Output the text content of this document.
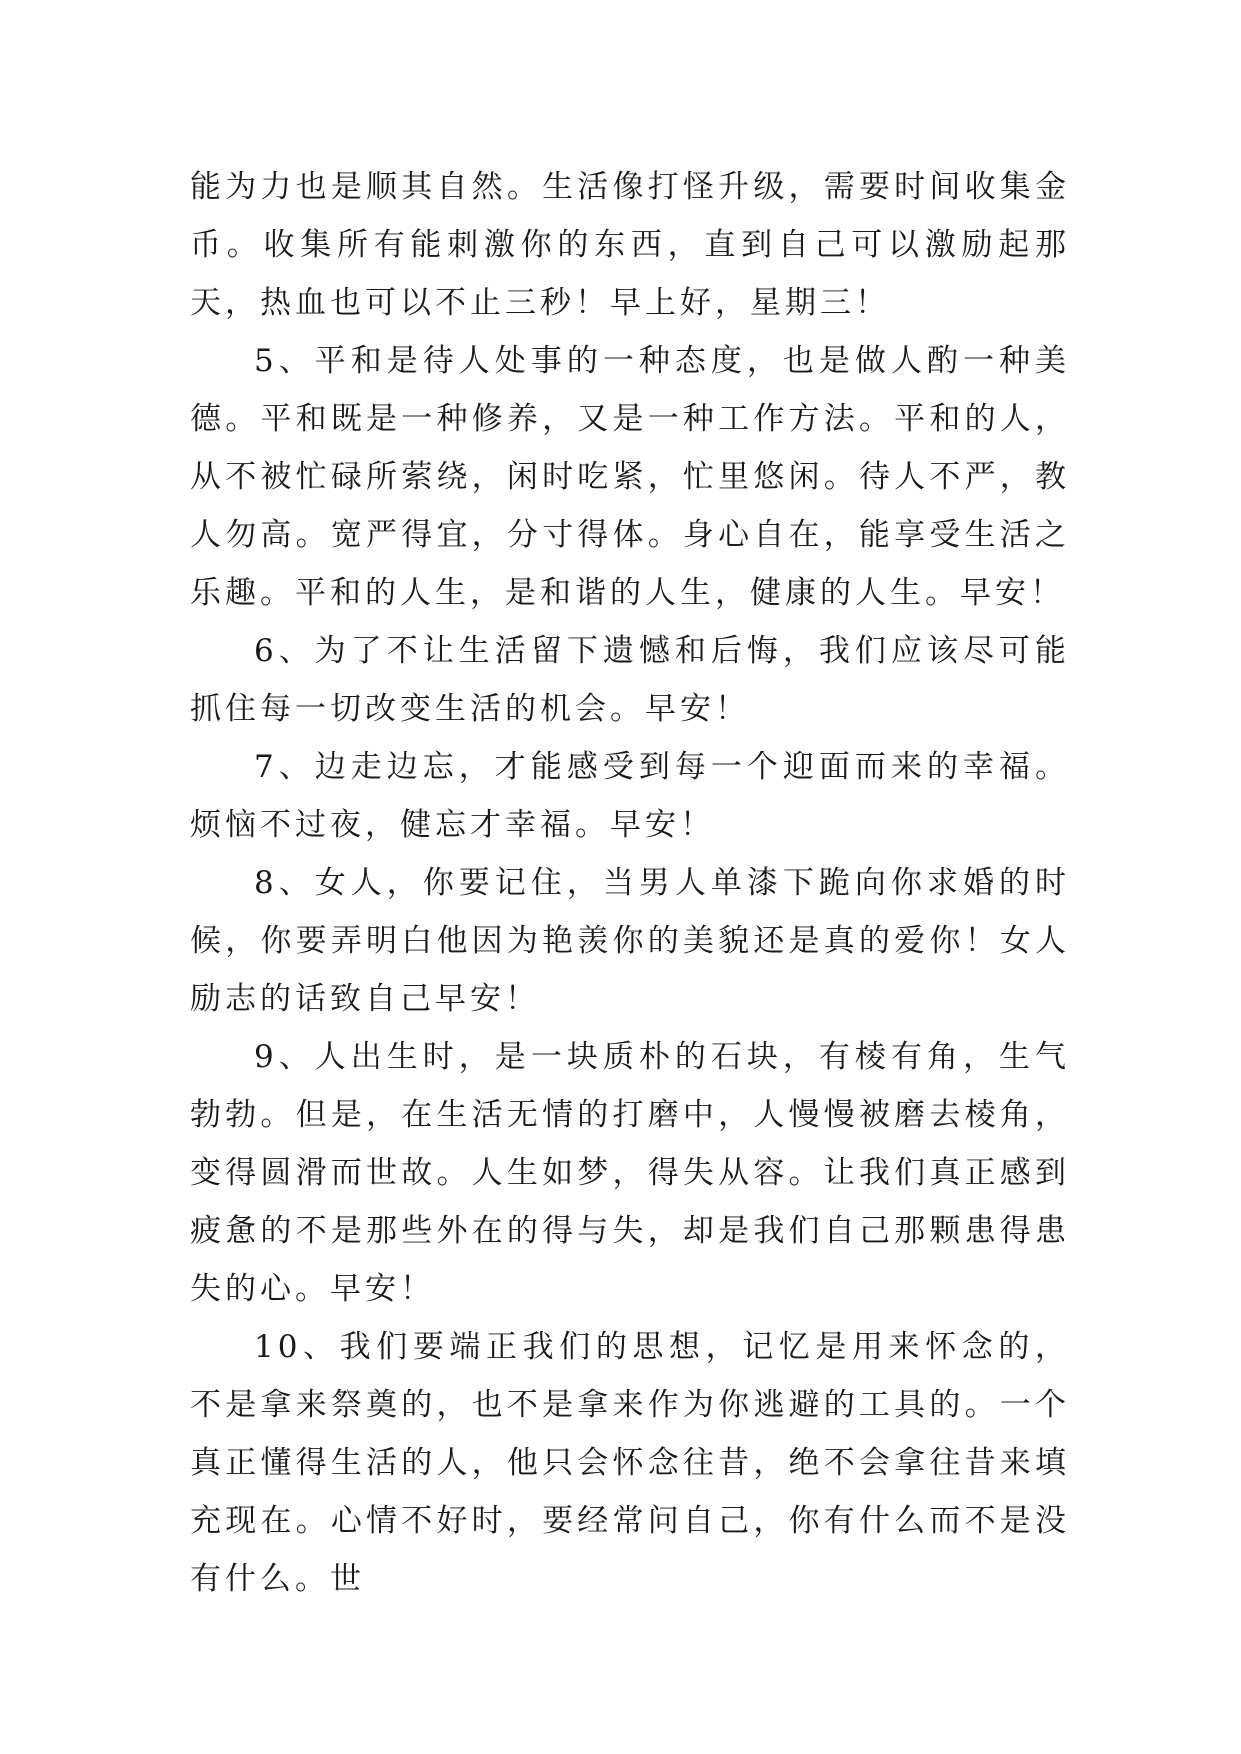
能为力也是顺其自然。生活像打怪升级，需要时间收集金币。收集所有能刺激你的东西，直到自己可以激励起那天，热血也可以不止三秒！早上好，星期三！

5、平和是待人处事的一种态度，也是做人酌一种美德。平和既是一种修养，又是一种工作方法。平和的人，从不被忙碌所萦绕，闲时吃紧，忙里悠闲。待人不严，教人勿高。宽严得宜，分寸得体。身心自在，能享受生活之乐趣。平和的人生，是和谐的人生，健康的人生。早安！

6、为了不让生活留下遗憾和后悔，我们应该尽可能抓住每一切改变生活的机会。早安！

7、边走边忘，才能感受到每一个迎面而来的幸福。烦恼不过夜，健忘才幸福。早安！

8、女人，你要记住，当男人单漆下跪向你求婚的时候，你要弄明白他因为艳羡你的美貌还是真的爱你！女人励志的话致自己早安！

9、人出生时，是一块质朴的石块，有棱有角，生气勃勃。但是，在生活无情的打磨中，人慢慢被磨去棱角，变得圆滑而世故。人生如梦，得失从容。让我们真正感到疲惫的不是那些外在的得与失，却是我们自己那颗患得患失的心。早安！

10、我们要端正我们的思想，记忆是用来怀念的，不是拿来祭奠的，也不是拿来作为你逃避的工具的。一个真正懂得生活的人，他只会怀念往昔，绝不会拿往昔来填充现在。心情不好时，要经常问自己，你有什么而不是没有什么。世
